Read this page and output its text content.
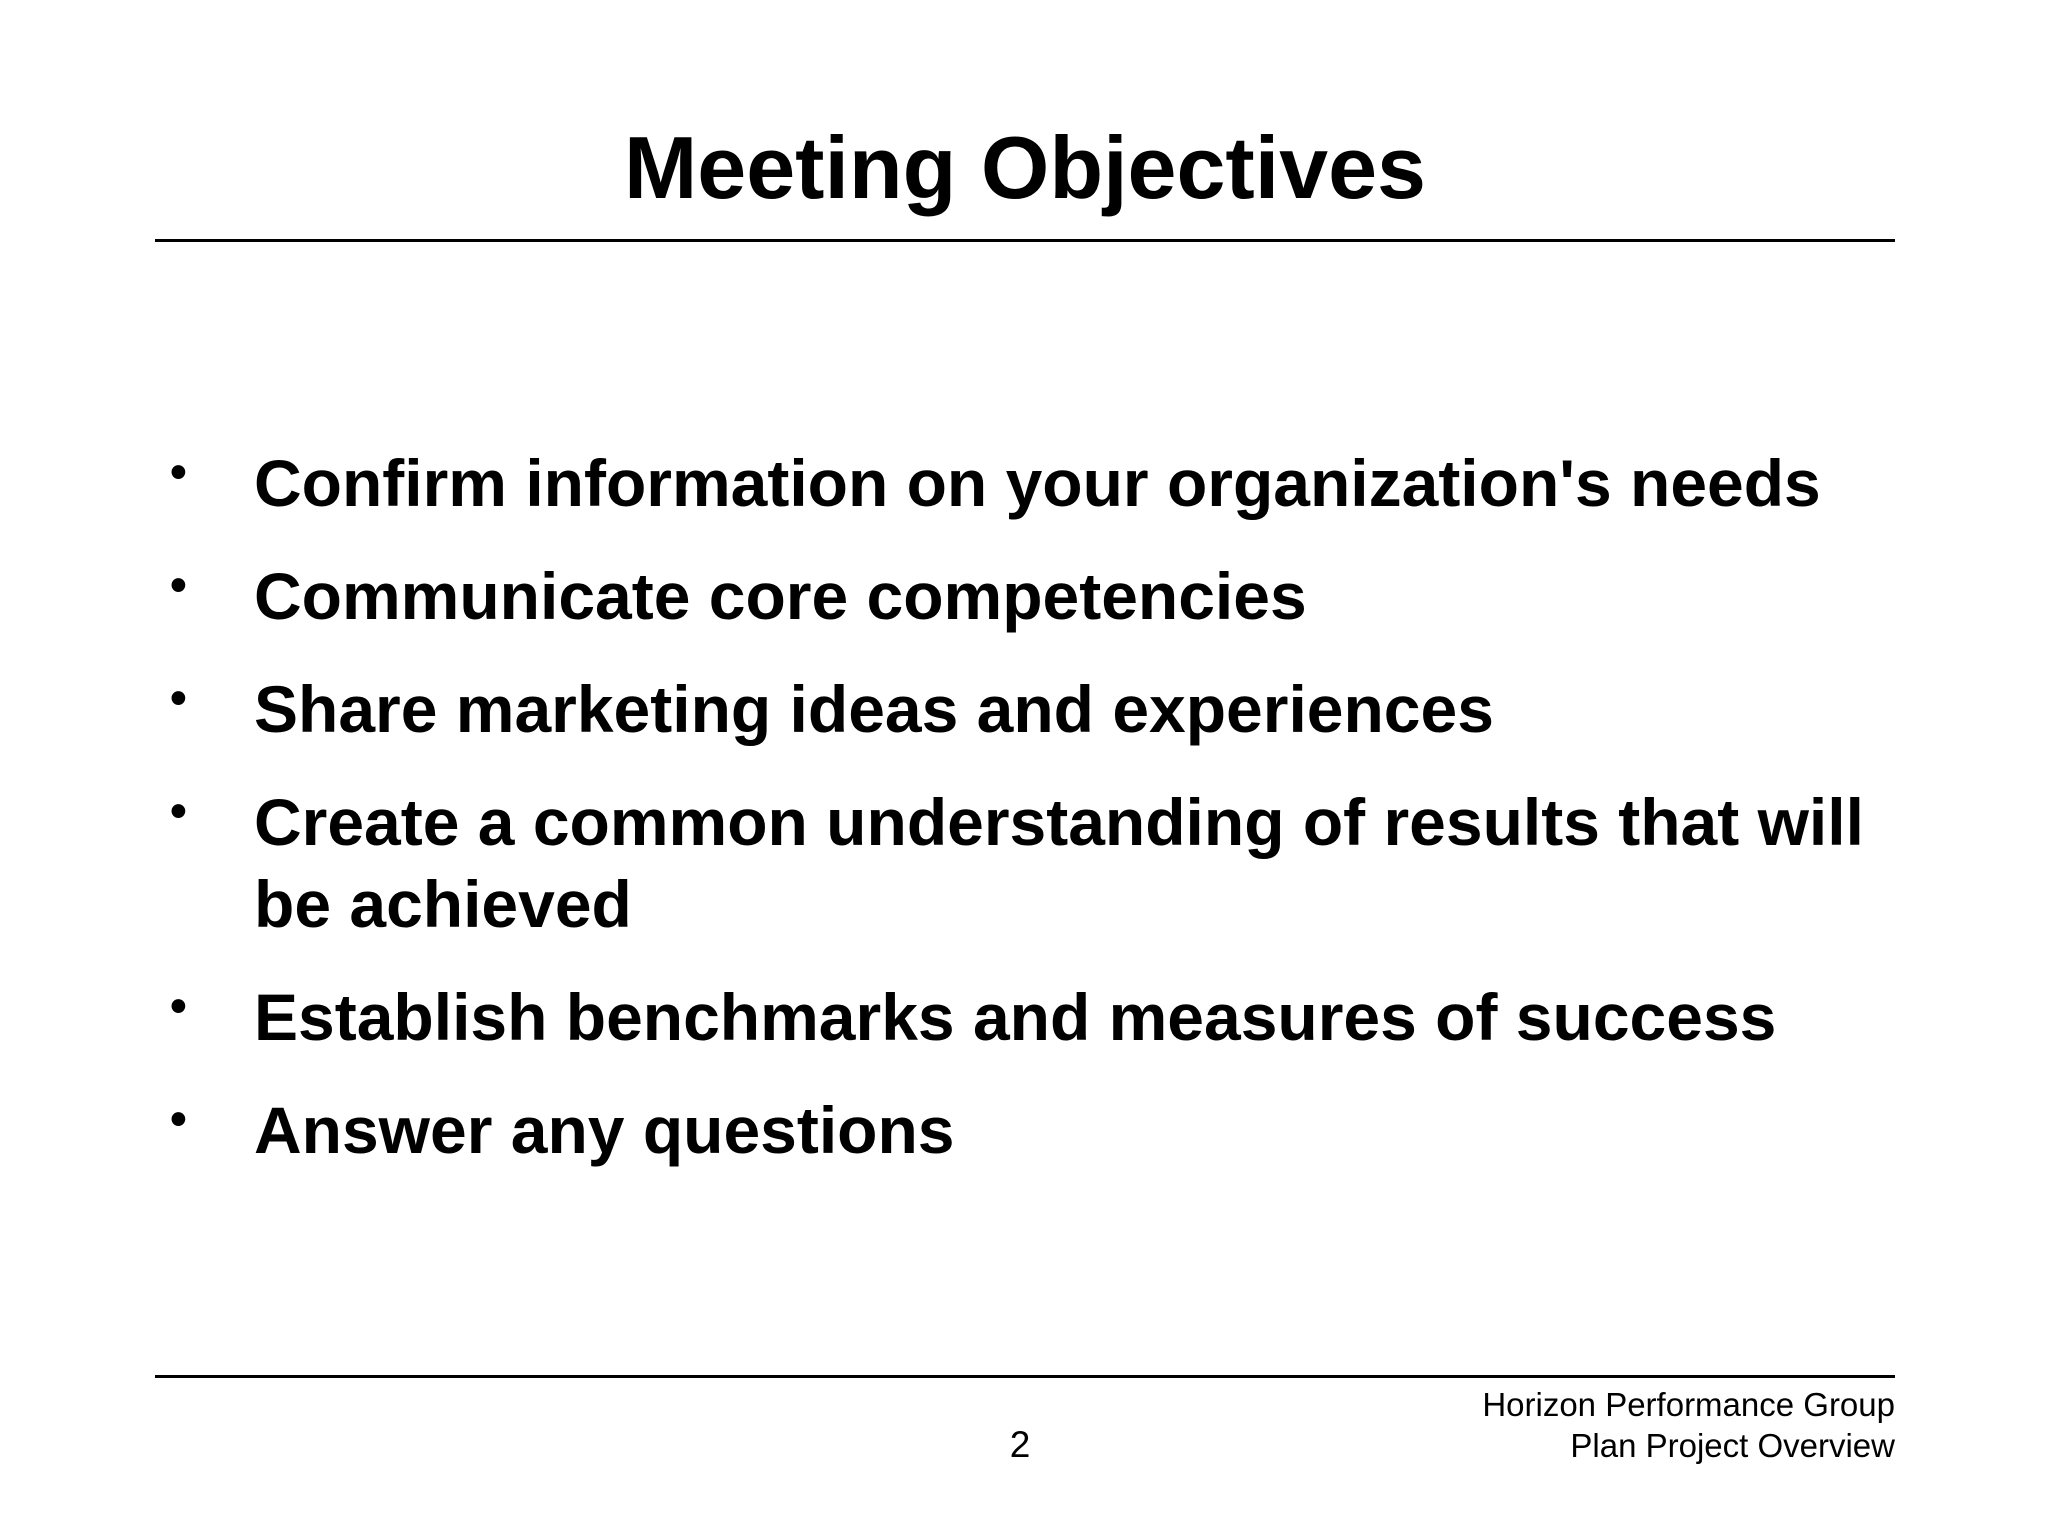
Meeting Objectives
•	Confirm information on your organization's needs
•	Communicate core competencies
•	Share marketing ideas and experiences
•	Create a common understanding of results that will be achieved
•	Establish benchmarks and measures of success
•	Answer any questions
2
Horizon Performance Group
Plan Project Overview
